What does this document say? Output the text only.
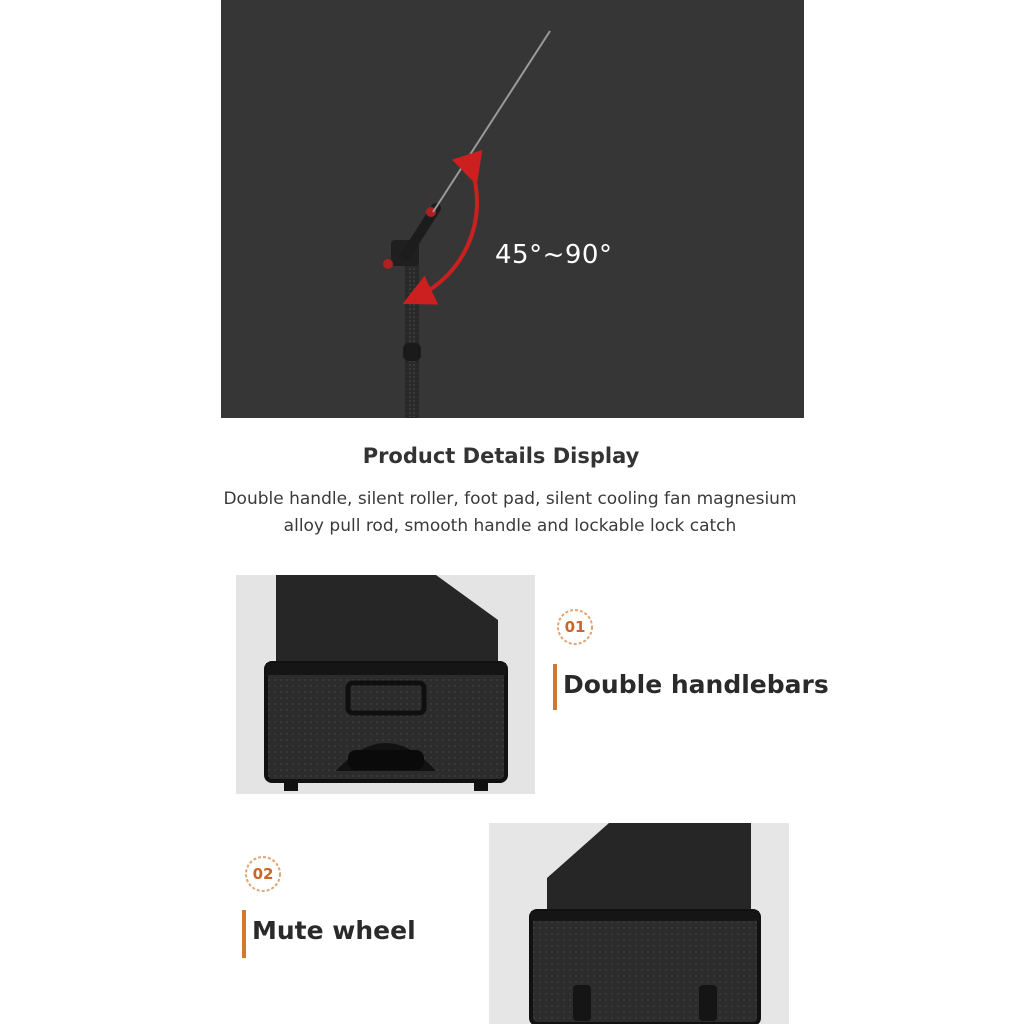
45°~90°
Product Details Display
Double handle, silent roller, foot pad, silent cooling fan magnesium
alloy pull rod, smooth handle and lockable lock catch
01
Double handlebars
02
Mute wheel
